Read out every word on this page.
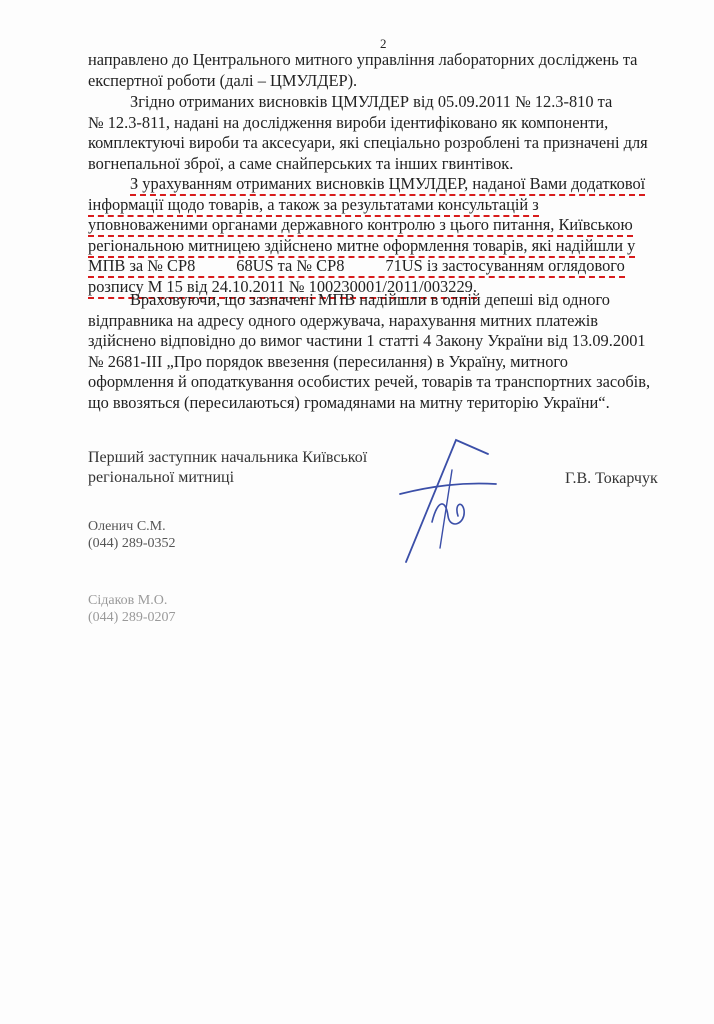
2
направлено до Центрального митного управління лабораторних досліджень та
експертної роботи (далі – ЦМУЛДЕР).
Згідно отриманих висновків ЦМУЛДЕР від 05.09.2011 № 12.3-810 та
№ 12.3-811, надані на дослідження вироби ідентифіковано як компоненти,
комплектуючі вироби та аксесуари, які спеціально розроблені та призначені для
вогнепальної зброї, а саме снайперських та інших гвинтівок.
З урахуванням отриманих висновків ЦМУЛДЕР, наданої Вами додаткової
інформації щодо товарів, а також за результатами консультацій з
уповноваженими органами державного контролю з цього питання, Київською
регіональною митницею здійснено митне оформлення товарів, які надійшли у
МПВ за № СР8          68US та № СР8          71US із застосуванням оглядового
розпису М 15 від 24.10.2011 № 100230001/2011/003229.
Враховуючи, що зазначені МПВ надійшли в одній депеші від одного
відправника на адресу одного одержувача, нарахування митних платежів
здійснено відповідно до вимог частини 1 статті 4 Закону України від 13.09.2001
№ 2681-ІІІ „Про порядок ввезення (пересилання) в Україну, митного
оформлення й оподаткування особистих речей, товарів та транспортних засобів,
що ввозяться (пересилаються) громадянами на митну територію України“.
Перший заступник начальника Київської
регіональної митниці	Г.В. Токарчук
Оленич С.М.
(044) 289-0352
Сідаков М.О.
(044) 289-0207
